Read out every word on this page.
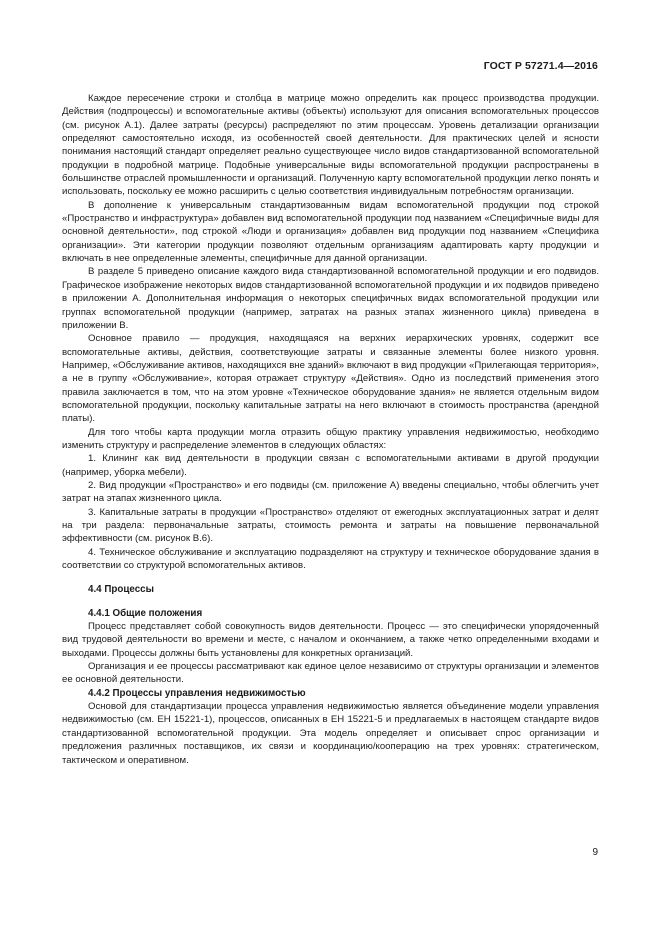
ГОСТ Р 57271.4—2016

Каждое пересечение строки и столбца в матрице можно определить как процесс производства продукции. Действия (подпроцессы) и вспомогательные активы (объекты) используют для описания вспомогательных процессов (см. рисунок А.1). Далее затраты (ресурсы) распределяют по этим процессам. Уровень детализации организации определяют самостоятельно исходя, из особенностей своей деятельности. Для практических целей и ясности понимания настоящий стандарт определяет реально существующее число видов стандартизованной вспомогательной продукции в подробной матрице. Подобные универсальные виды вспомогательной продукции распространены в большинстве отраслей промышленности и организаций. Полученную карту вспомогательной продукции легко понять и использовать, поскольку ее можно расширить с целью соответствия индивидуальным потребностям организации.

В дополнение к универсальным стандартизованным видам вспомогательной продукции под строкой «Пространство и инфраструктура» добавлен вид вспомогательной продукции под названием «Специфичные виды для основной деятельности», под строкой «Люди и организация» добавлен вид продукции под названием «Специфика организации». Эти категории продукции позволяют отдельным организациям адаптировать карту продукции и включать в нее определенные элементы, специфичные для данной организации.

В разделе 5 приведено описание каждого вида стандартизованной вспомогательной продукции и его подвидов. Графическое изображение некоторых видов стандартизованной вспомогательной продукции и их подвидов приведено в приложении А. Дополнительная информация о некоторых специфичных видах вспомогательной продукции или группах вспомогательной продукции (например, затратах на разных этапах жизненного цикла) приведена в приложении В.

Основное правило — продукция, находящаяся на верхних иерархических уровнях, содержит все вспомогательные активы, действия, соответствующие затраты и связанные элементы более низкого уровня. Например, «Обслуживание активов, находящихся вне зданий» включают в вид продукции «Прилегающая территория», а не в группу «Обслуживание», которая отражает структуру «Действия». Одно из последствий применения этого правила заключается в том, что на этом уровне «Техническое оборудование здания» не является отдельным видом вспомогательной продукции, поскольку капитальные затраты на него включают в стоимость пространства (арендной платы).

Для того чтобы карта продукции могла отразить общую практику управления недвижимостью, необходимо изменить структуру и распределение элементов в следующих областях:

1. Клининг как вид деятельности в продукции связан с вспомогательными активами в другой продукции (например, уборка мебели).

2. Вид продукции «Пространство» и его подвиды (см. приложение А) введены специально, чтобы облегчить учет затрат на этапах жизненного цикла.

3. Капитальные затраты в продукции «Пространство» отделяют от ежегодных эксплуатационных затрат и делят на три раздела: первоначальные затраты, стоимость ремонта и затраты на повышение первоначальной эффективности (см. рисунок В.6).

4. Техническое обслуживание и эксплуатацию подразделяют на структуру и техническое оборудование здания в соответствии со структурой вспомогательных активов.

4.4 Процессы
4.4.1 Общие положения

Процесс представляет собой совокупность видов деятельности. Процесс — это специфически упорядоченный вид трудовой деятельности во времени и месте, с началом и окончанием, а также четко определенными входами и выходами. Процессы должны быть установлены для конкретных организаций.

Организация и ее процессы рассматривают как единое целое независимо от структуры организации и элементов ее основной деятельности.

4.4.2 Процессы управления недвижимостью

Основой для стандартизации процесса управления недвижимостью является объединение модели управления недвижимостью (см. ЕН 15221-1), процессов, описанных в ЕН 15221-5 и предлагаемых в настоящем стандарте видов стандартизованной вспомогательной продукции. Эта модель определяет и описывает спрос организации и предложения различных поставщиков, их связи и координацию/кооперацию на трех уровнях: стратегическом, тактическом и оперативном.

9
